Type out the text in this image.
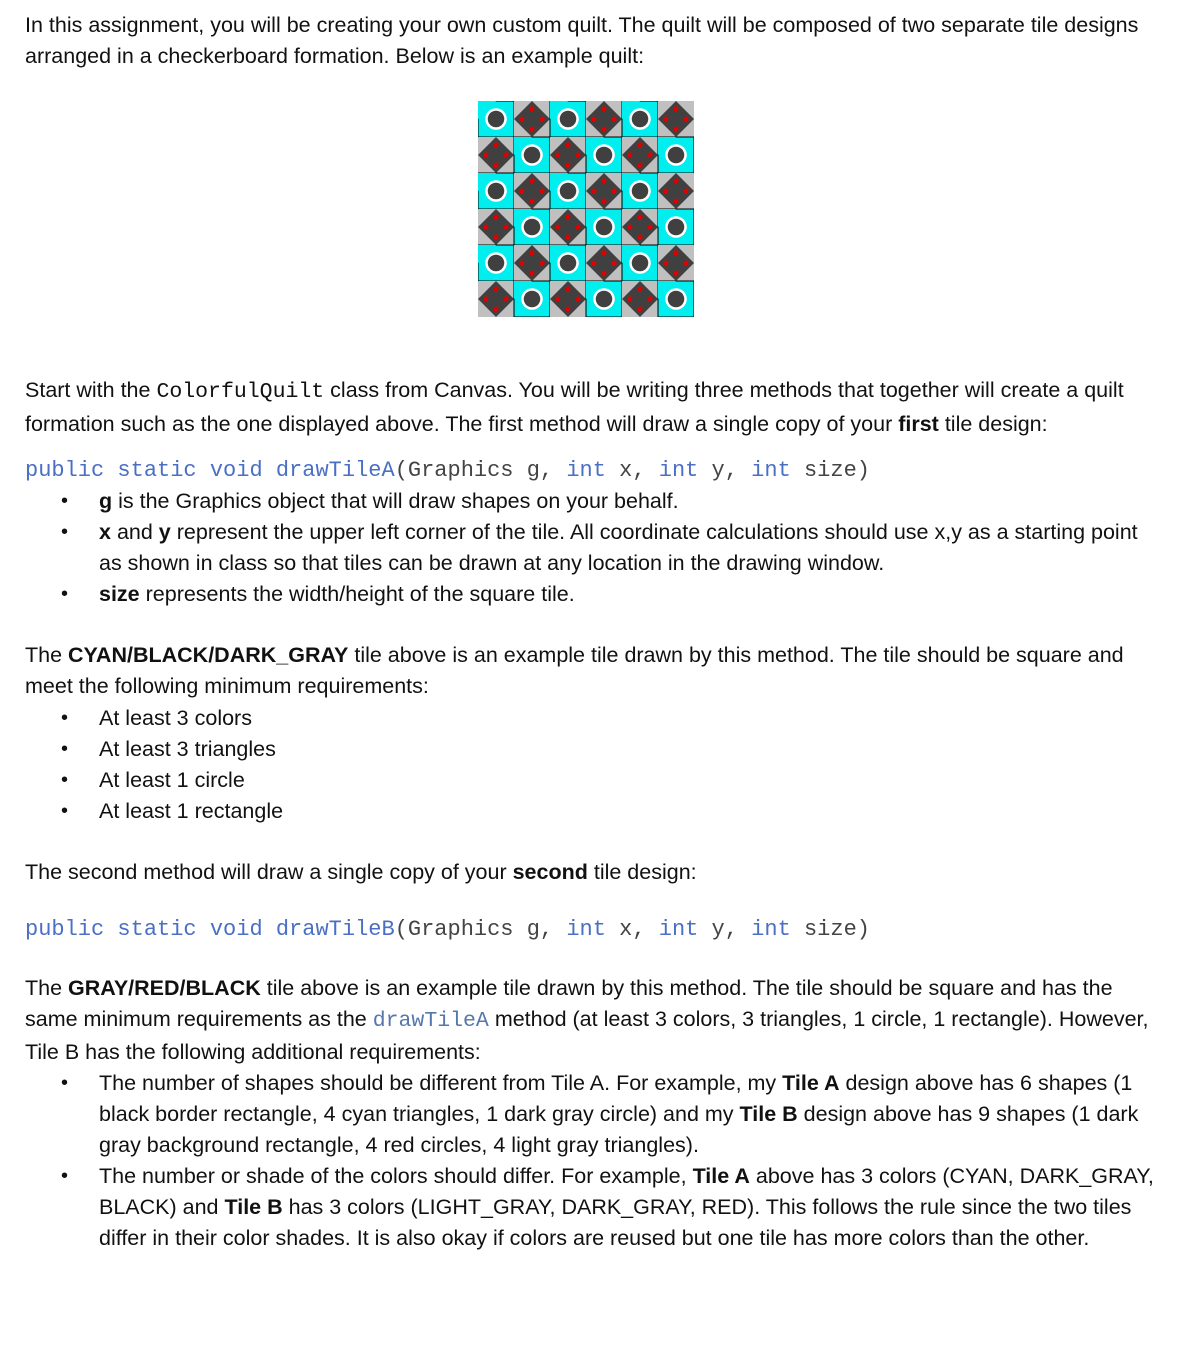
In this assignment, you will be creating your own custom quilt. The quilt will be composed of two separate tile designs arranged in a checkerboard formation. Below is an example quilt:

Start with the ColorfulQuilt class from Canvas. You will be writing three methods that together will create a quilt formation such as the one displayed above. The first method will draw a single copy of your first tile design:

public static void drawTileA(Graphics g, int x, int y, int size)

• g is the Graphics object that will draw shapes on your behalf.
• x and y represent the upper left corner of the tile. All coordinate calculations should use x,y as a starting point as shown in class so that tiles can be drawn at any location in the drawing window.
• size represents the width/height of the square tile.

The CYAN/BLACK/DARK_GRAY tile above is an example tile drawn by this method. The tile should be square and meet the following minimum requirements:

• At least 3 colors
• At least 3 triangles
• At least 1 circle
• At least 1 rectangle

The second method will draw a single copy of your second tile design:

public static void drawTileB(Graphics g, int x, int y, int size)

The GRAY/RED/BLACK tile above is an example tile drawn by this method. The tile should be square and has the same minimum requirements as the drawTileA method (at least 3 colors, 3 triangles, 1 circle, 1 rectangle). However, Tile B has the following additional requirements:

• The number of shapes should be different from Tile A. For example, my Tile A design above has 6 shapes (1 black border rectangle, 4 cyan triangles, 1 dark gray circle) and my Tile B design above has 9 shapes (1 dark gray background rectangle, 4 red circles, 4 light gray triangles).
• The number or shade of the colors should differ. For example, Tile A above has 3 colors (CYAN, DARK_GRAY, BLACK) and Tile B has 3 colors (LIGHT_GRAY, DARK_GRAY, RED). This follows the rule since the two tiles differ in their color shades. It is also okay if colors are reused but one tile has more colors than the other.
